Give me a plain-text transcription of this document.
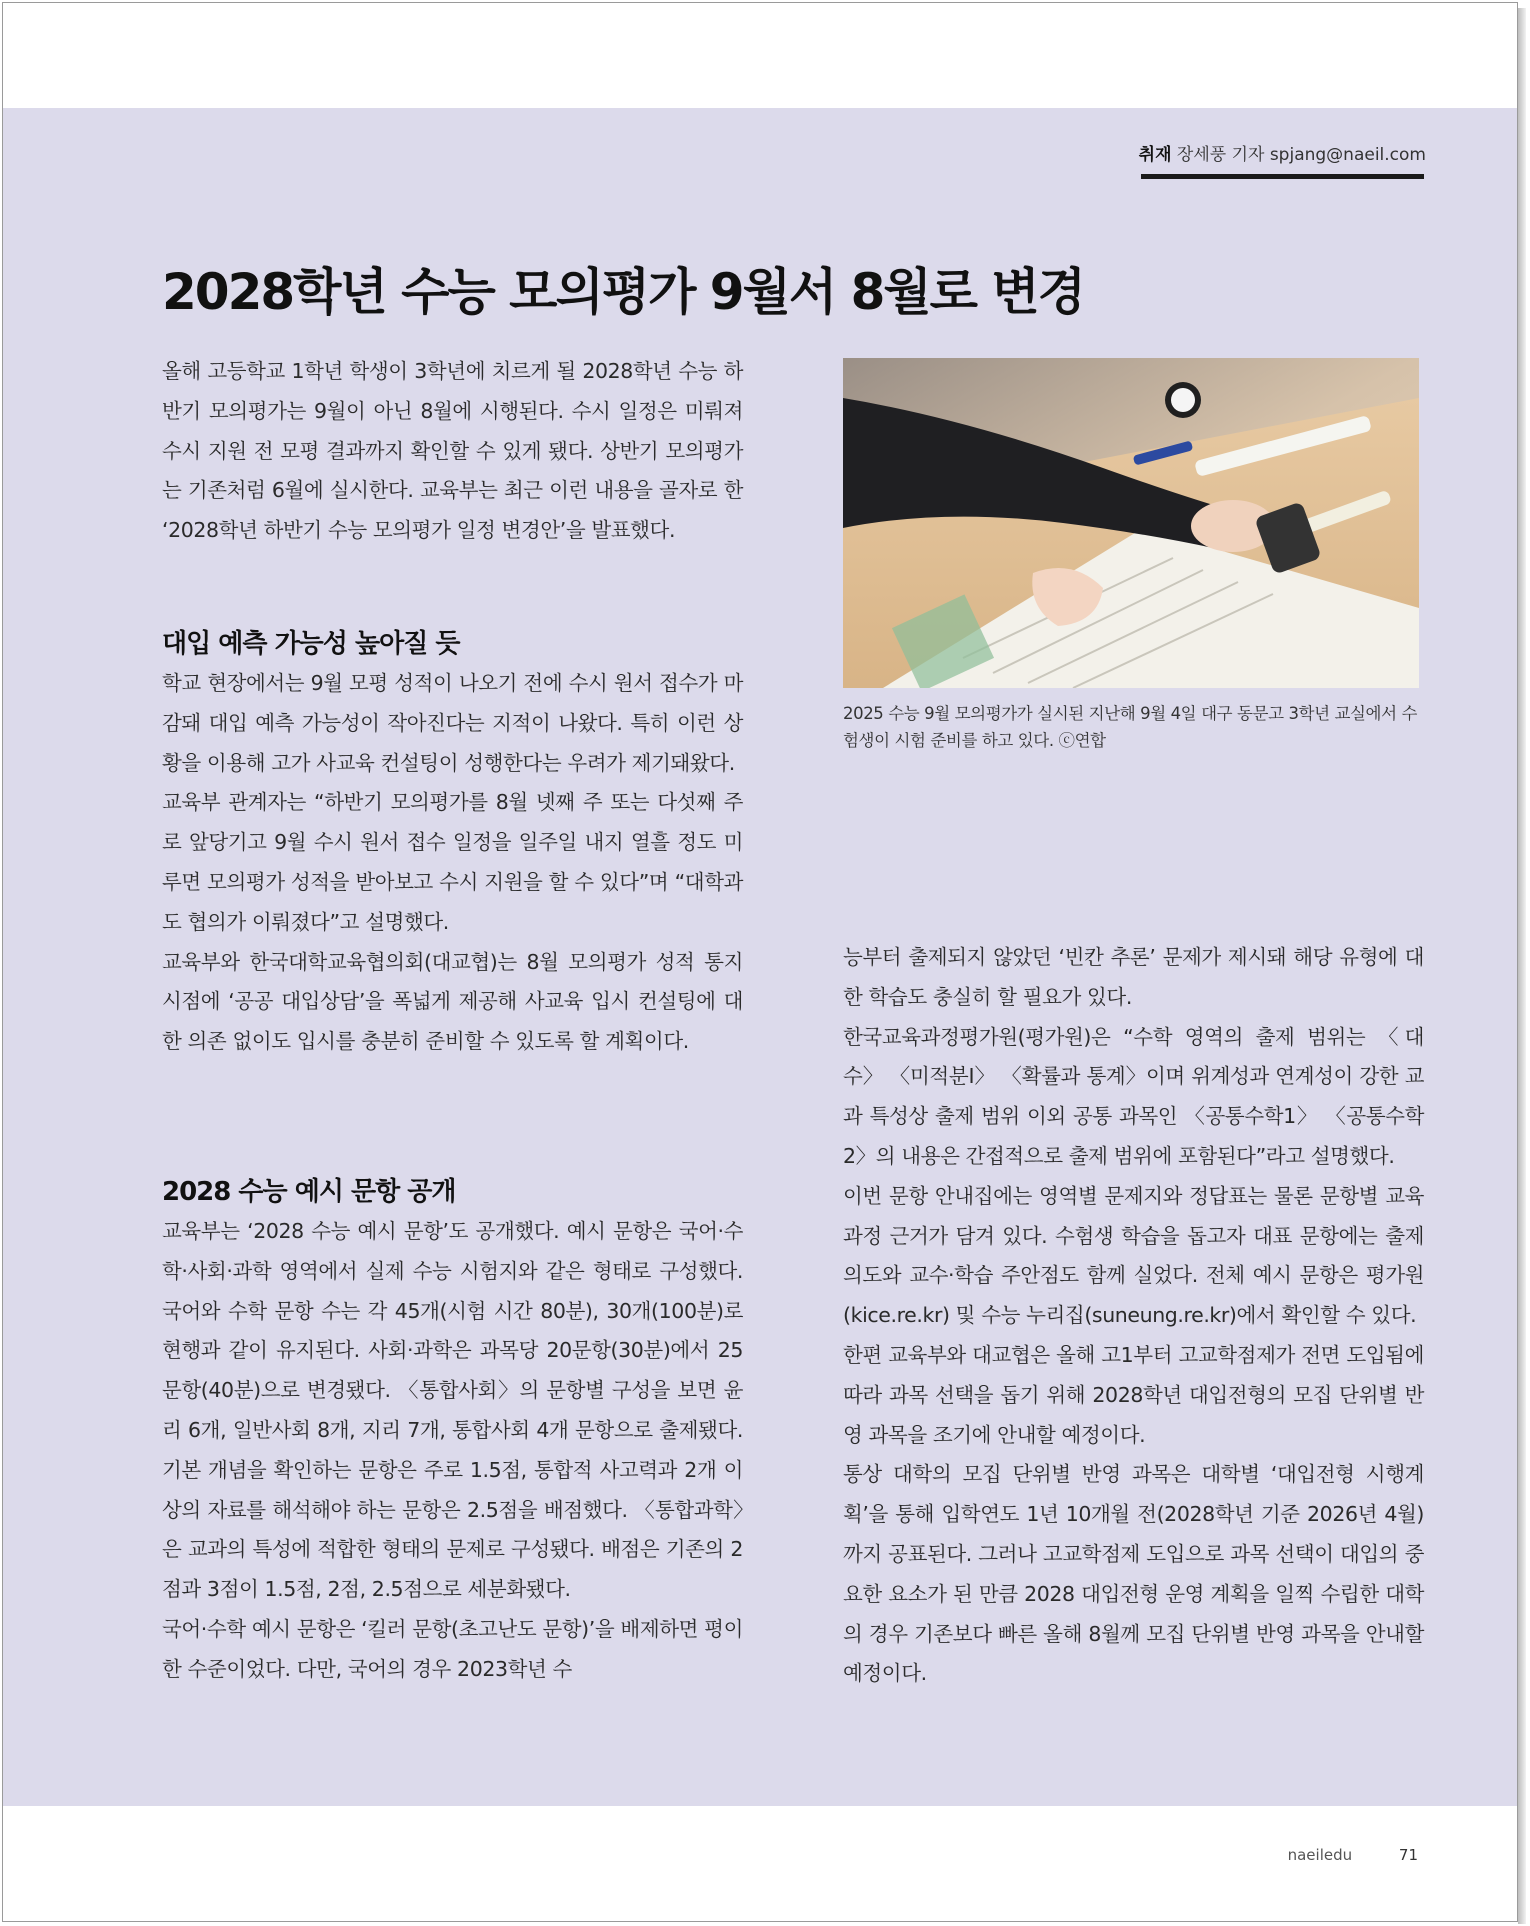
취재 장세풍 기자 spjang@naeil.com
2028학년 수능 모의평가 9월서 8월로 변경

올해 고등학교 1학년 학생이 3학년에 치르게 될 2028학년 수능 하반기 모의평가는 9월이 아닌 8월에 시행된다. 수시 일정은 미뤄져 수시 지원 전 모평 결과까지 확인할 수 있게 됐다. 상반기 모의평가는 기존처럼 6월에 실시한다. 교육부는 최근 이런 내용을 골자로 한 ‘2028학년 하반기 수능 모의평가 일정 변경안’을 발표했다.

대입 예측 가능성 높아질 듯

학교 현장에서는 9월 모평 성적이 나오기 전에 수시 원서 접수가 마감돼 대입 예측 가능성이 작아진다는 지적이 나왔다. 특히 이런 상황을 이용해 고가 사교육 컨설팅이 성행한다는 우려가 제기돼왔다.

교육부 관계자는 “하반기 모의평가를 8월 넷째 주 또는 다섯째 주로 앞당기고 9월 수시 원서 접수 일정을 일주일 내지 열흘 정도 미루면 모의평가 성적을 받아보고 수시 지원을 할 수 있다”며 “대학과도 협의가 이뤄졌다”고 설명했다.

교육부와 한국대학교육협의회(대교협)는 8월 모의평가 성적 통지 시점에 ‘공공 대입상담’을 폭넓게 제공해 사교육 입시 컨설팅에 대한 의존 없이도 입시를 충분히 준비할 수 있도록 할 계획이다.

2028 수능 예시 문항 공개

교육부는 ‘2028 수능 예시 문항’도 공개했다. 예시 문항은 국어·수학·사회·과학 영역에서 실제 수능 시험지와 같은 형태로 구성했다. 국어와 수학 문항 수는 각 45개(시험 시간 80분), 30개(100분)로 현행과 같이 유지된다. 사회·과학은 과목당 20문항(30분)에서 25문항(40분)으로 변경됐다. 〈통합사회〉의 문항별 구성을 보면 윤리 6개, 일반사회 8개, 지리 7개, 통합사회 4개 문항으로 출제됐다. 기본 개념을 확인하는 문항은 주로 1.5점, 통합적 사고력과 2개 이상의 자료를 해석해야 하는 문항은 2.5점을 배점했다. 〈통합과학〉은 교과의 특성에 적합한 형태의 문제로 구성됐다. 배점은 기존의 2점과 3점이 1.5점, 2점, 2.5점으로 세분화됐다.

국어·수학 예시 문항은 ‘킬러 문항(초고난도 문항)’을 배제하면 평이한 수준이었다. 다만, 국어의 경우 2023학년 수

2025 수능 9월 모의평가가 실시된 지난해 9월 4일 대구 동문고 3학년 교실에서 수험생이 시험 준비를 하고 있다. ⓒ연합

능부터 출제되지 않았던 ‘빈칸 추론’ 문제가 제시돼 해당 유형에 대한 학습도 충실히 할 필요가 있다.

한국교육과정평가원(평가원)은 “수학 영역의 출제 범위는 〈대수〉 〈미적분Ⅰ〉 〈확률과 통계〉이며 위계성과 연계성이 강한 교과 특성상 출제 범위 이외 공통 과목인 〈공통수학1〉 〈공통수학2〉의 내용은 간접적으로 출제 범위에 포함된다”라고 설명했다.

이번 문항 안내집에는 영역별 문제지와 정답표는 물론 문항별 교육과정 근거가 담겨 있다. 수험생 학습을 돕고자 대표 문항에는 출제 의도와 교수·학습 주안점도 함께 실었다. 전체 예시 문항은 평가원(kice.re.kr) 및 수능 누리집(suneung.re.kr)에서 확인할 수 있다.

한편 교육부와 대교협은 올해 고1부터 고교학점제가 전면 도입됨에 따라 과목 선택을 돕기 위해 2028학년 대입전형의 모집 단위별 반영 과목을 조기에 안내할 예정이다.

통상 대학의 모집 단위별 반영 과목은 대학별 ‘대입전형 시행계획’을 통해 입학연도 1년 10개월 전(2028학년 기준 2026년 4월)까지 공표된다. 그러나 고교학점제 도입으로 과목 선택이 대입의 중요한 요소가 된 만큼 2028 대입전형 운영 계획을 일찍 수립한 대학의 경우 기존보다 빠른 올해 8월께 모집 단위별 반영 과목을 안내할 예정이다.

naeiledu	71
